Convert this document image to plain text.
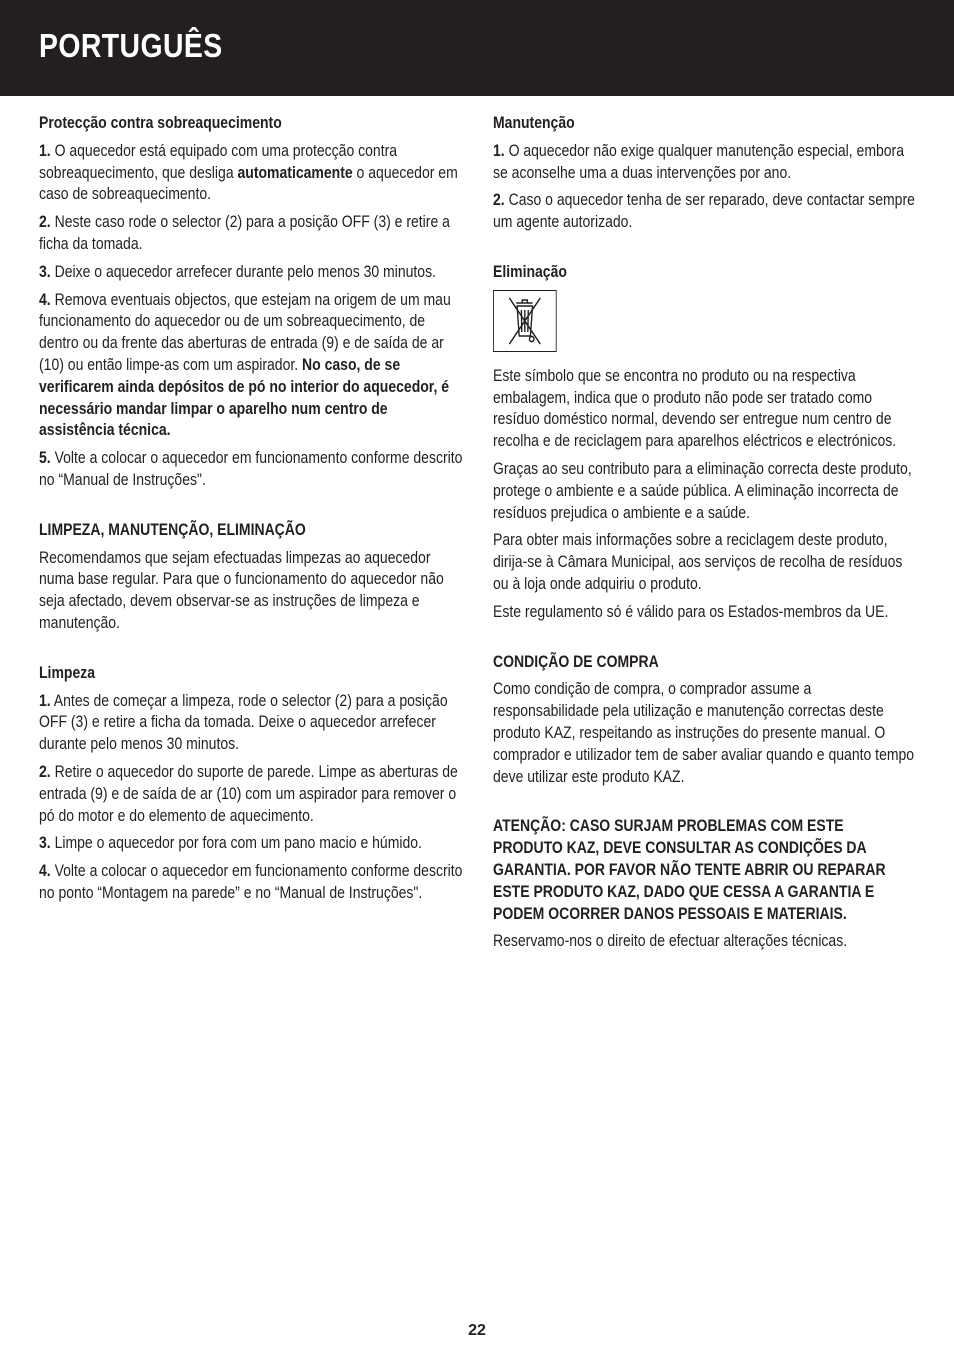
PORTUGUÊS
Protecção contra sobreaquecimento

1. O aquecedor está equipado com uma protecção contra sobreaquecimento, que desliga automaticamente o aquecedor em caso de sobreaquecimento.

2. Neste caso rode o selector (2) para a posição OFF (3) e retire a ficha da tomada.

3. Deixe o aquecedor arrefecer durante pelo menos 30 minutos.

4. Remova eventuais objectos, que estejam na origem de um mau funcionamento do aquecedor ou de um sobreaquecimento, de dentro ou da frente das aberturas de entrada (9) e de saída de ar (10) ou então limpe-as com um aspirador. No caso, de se verificarem ainda depósitos de pó no interior do aquecedor, é necessário mandar limpar o aparelho num centro de assistência técnica.

5. Volte a colocar o aquecedor em funcionamento conforme descrito no “Manual de Instruções".

LIMPEZA, MANUTENÇÃO, ELIMINAÇÃO

Recomendamos que sejam efectuadas limpezas ao aquecedor numa base regular. Para que o funcionamento do aquecedor não seja afectado, devem observar-se as instruções de limpeza e manutenção.

Limpeza

1. Antes de começar a limpeza, rode o selector (2) para a posição OFF (3) e retire a ficha da tomada. Deixe o aquecedor arrefecer durante pelo menos 30 minutos.

2. Retire o aquecedor do suporte de parede. Limpe as aberturas de entrada (9) e de saída de ar (10) com um aspirador para remover o pó do motor e do elemento de aquecimento.

3. Limpe o aquecedor por fora com um pano macio e húmido.

4. Volte a colocar o aquecedor em funcionamento conforme descrito no ponto “Montagem na parede” e no “Manual de Instruções".

Manutenção

1. O aquecedor não exige qualquer manutenção especial, embora se aconselhe uma a duas intervenções por ano.

2. Caso o aquecedor tenha de ser reparado, deve contactar sempre um agente autorizado.

Eliminação

Este símbolo que se encontra no produto ou na respectiva embalagem, indica que o produto não pode ser tratado como resíduo doméstico normal, devendo ser entregue num centro de recolha e de reciclagem para aparelhos eléctricos e electrónicos.

Graças ao seu contributo para a eliminação correcta deste produto, protege o ambiente e a saúde pública. A eliminação incorrecta de resíduos prejudica o ambiente e a saúde.

Para obter mais informações sobre a reciclagem deste produto, dirija-se à Câmara Municipal, aos serviços de recolha de resíduos ou à loja onde adquiriu o produto.

Este regulamento só é válido para os Estados-membros da UE.

CONDIÇÃO DE COMPRA

Como condição de compra, o comprador assume a responsabilidade pela utilização e manutenção correctas deste produto KAZ, respeitando as instruções do presente manual. O comprador e utilizador tem de saber avaliar quando e quanto tempo deve utilizar este produto KAZ.

ATENÇÃO: CASO SURJAM PROBLEMAS COM ESTE PRODUTO KAZ, DEVE CONSULTAR AS CONDIÇÕES DA GARANTIA. POR FAVOR NÃO TENTE ABRIR OU REPARAR ESTE PRODUTO KAZ, DADO QUE CESSA A GARANTIA E PODEM OCORRER DANOS PESSOAIS E MATERIAIS.

Reservamo-nos o direito de efectuar alterações técnicas.

22
